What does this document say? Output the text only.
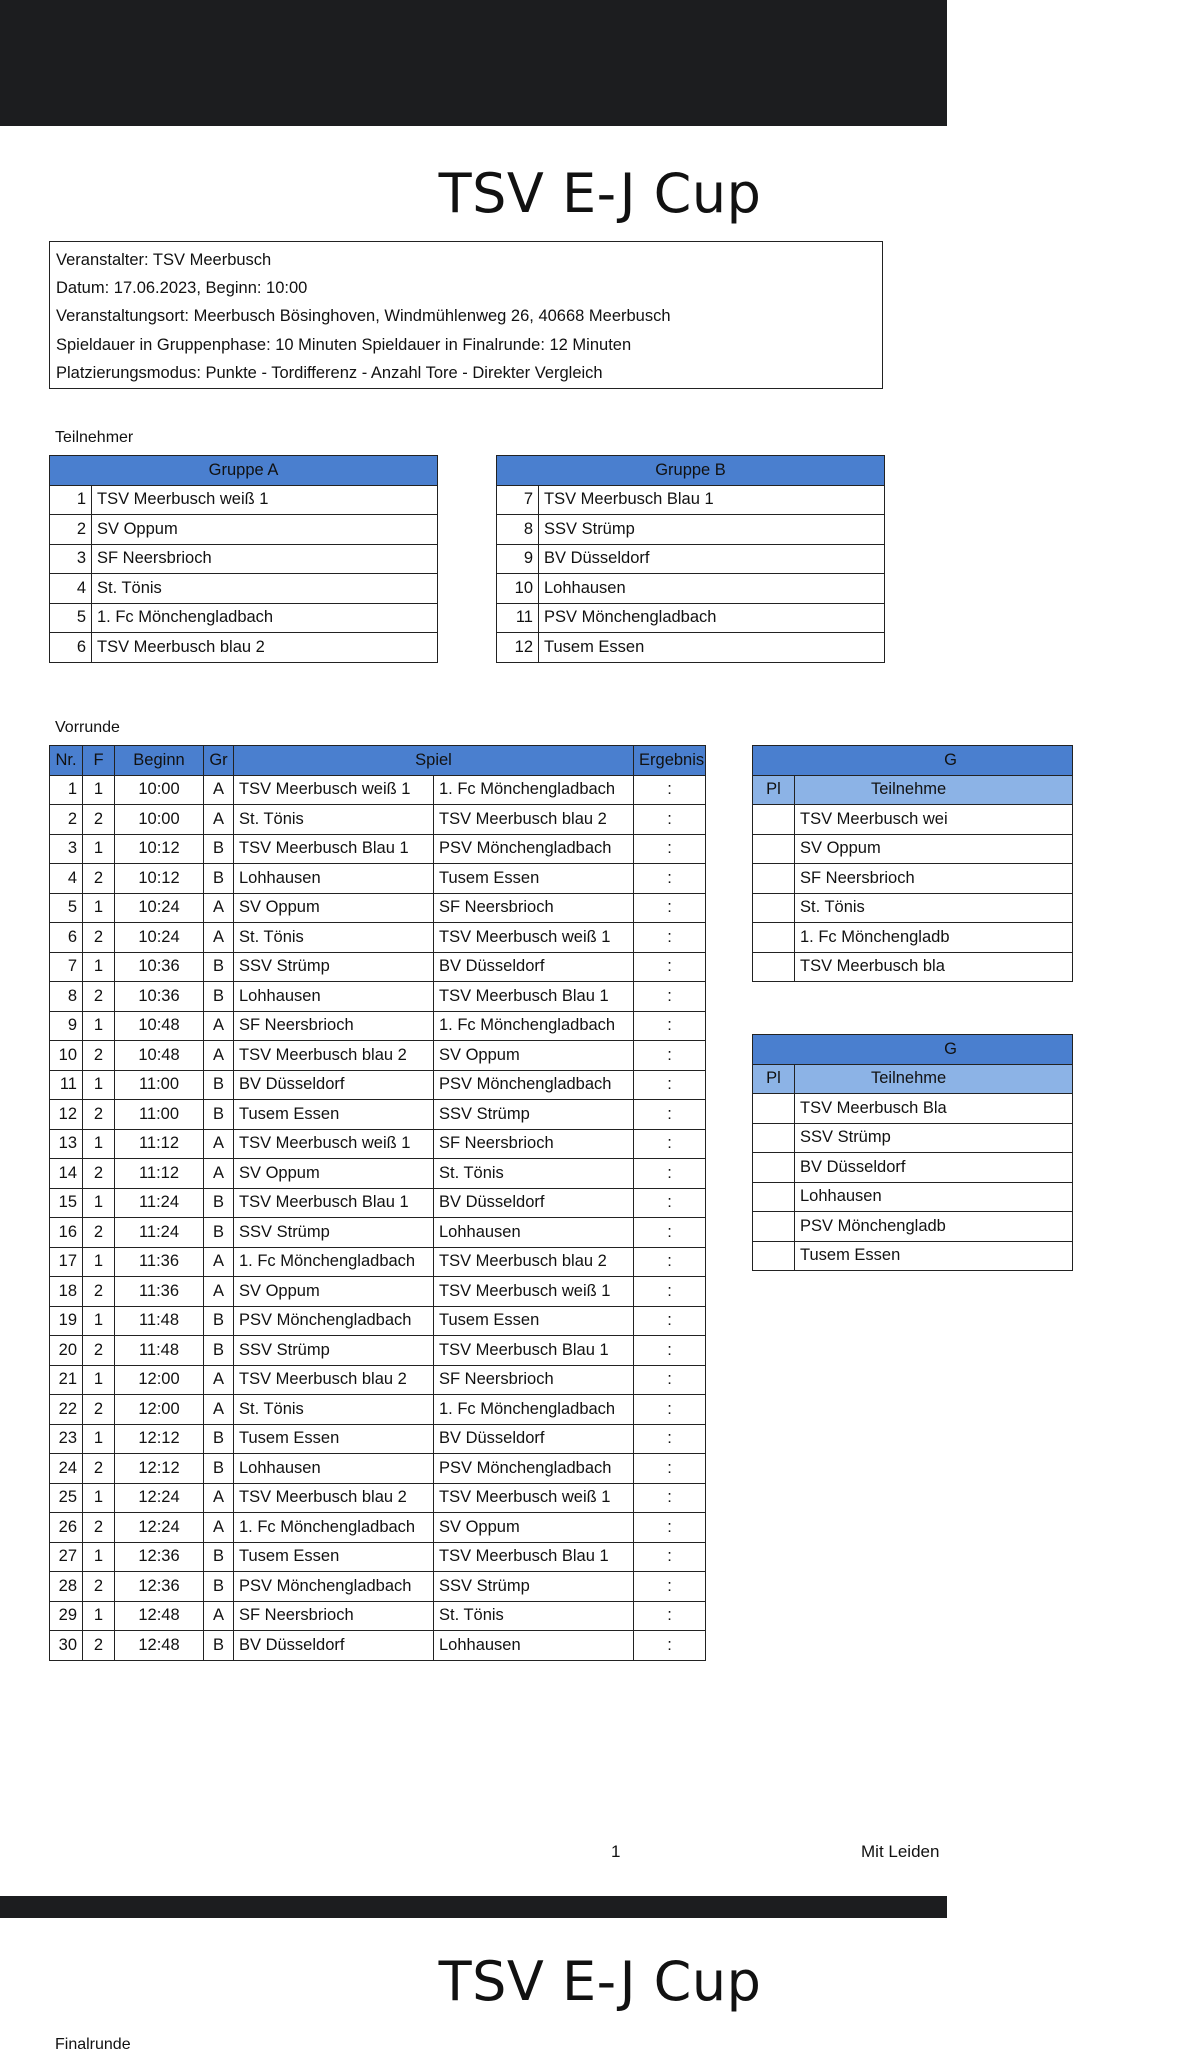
TSV E-J Cup
Veranstalter: TSV Meerbusch
Datum: 17.06.2023, Beginn: 10:00
Veranstaltungsort: Meerbusch Bösinghoven, Windmühlenweg 26, 40668 Meerbusch
Spieldauer in Gruppenphase: 10 Minuten Spieldauer in Finalrunde: 12 Minuten
Platzierungsmodus: Punkte - Tordifferenz - Anzahl Tore - Direkter Vergleich
Teilnehmer
Gruppe A	
1	TSV Meerbusch weiß 1
2	SV Oppum
3	SF Neersbrioch
4	St. Tönis
5	1. Fc Mönchengladbach
6	TSV Meerbusch blau 2
Gruppe B	
7	TSV Meerbusch Blau 1
8	SSV Strümp
9	BV Düsseldorf
10	Lohhausen
11	PSV Mönchengladbach
12	Tusem Essen
Vorrunde
Nr.	F	Beginn	Gr	Spiel		Ergebnis
1	1	10:00	A	TSV Meerbusch weiß 1	1. Fc Mönchengladbach	:
2	2	10:00	A	St. Tönis	TSV Meerbusch blau 2	:
3	1	10:12	B	TSV Meerbusch Blau 1	PSV Mönchengladbach	:
4	2	10:12	B	Lohhausen	Tusem Essen	:
5	1	10:24	A	SV Oppum	SF Neersbrioch	:
6	2	10:24	A	St. Tönis	TSV Meerbusch weiß 1	:
7	1	10:36	B	SSV Strümp	BV Düsseldorf	:
8	2	10:36	B	Lohhausen	TSV Meerbusch Blau 1	:
9	1	10:48	A	SF Neersbrioch	1. Fc Mönchengladbach	:
10	2	10:48	A	TSV Meerbusch blau 2	SV Oppum	:
11	1	11:00	B	BV Düsseldorf	PSV Mönchengladbach	:
12	2	11:00	B	Tusem Essen	SSV Strümp	:
13	1	11:12	A	TSV Meerbusch weiß 1	SF Neersbrioch	:
14	2	11:12	A	SV Oppum	St. Tönis	:
15	1	11:24	B	TSV Meerbusch Blau 1	BV Düsseldorf	:
16	2	11:24	B	SSV Strümp	Lohhausen	:
17	1	11:36	A	1. Fc Mönchengladbach	TSV Meerbusch blau 2	:
18	2	11:36	A	SV Oppum	TSV Meerbusch weiß 1	:
19	1	11:48	B	PSV Mönchengladbach	Tusem Essen	:
20	2	11:48	B	SSV Strümp	TSV Meerbusch Blau 1	:
21	1	12:00	A	TSV Meerbusch blau 2	SF Neersbrioch	:
22	2	12:00	A	St. Tönis	1. Fc Mönchengladbach	:
23	1	12:12	B	Tusem Essen	BV Düsseldorf	:
24	2	12:12	B	Lohhausen	PSV Mönchengladbach	:
25	1	12:24	A	TSV Meerbusch blau 2	TSV Meerbusch weiß 1	:
26	2	12:24	A	1. Fc Mönchengladbach	SV Oppum	:
27	1	12:36	B	Tusem Essen	TSV Meerbusch Blau 1	:
28	2	12:36	B	PSV Mönchengladbach	SSV Strümp	:
29	1	12:48	A	SF Neersbrioch	St. Tönis	:
30	2	12:48	B	BV Düsseldorf	Lohhausen	:
G	
Pl	Teilnehme
	TSV Meerbusch wei
	SV Oppum
	SF Neersbrioch
	St. Tönis
	1. Fc Mönchengladb
	TSV Meerbusch bla
G	
Pl	Teilnehme
	TSV Meerbusch Bla
	SSV Strümp
	BV Düsseldorf
	Lohhausen
	PSV Mönchengladb
	Tusem Essen
Mit Leiden
1
TSV E-J Cup
Finalrunde
